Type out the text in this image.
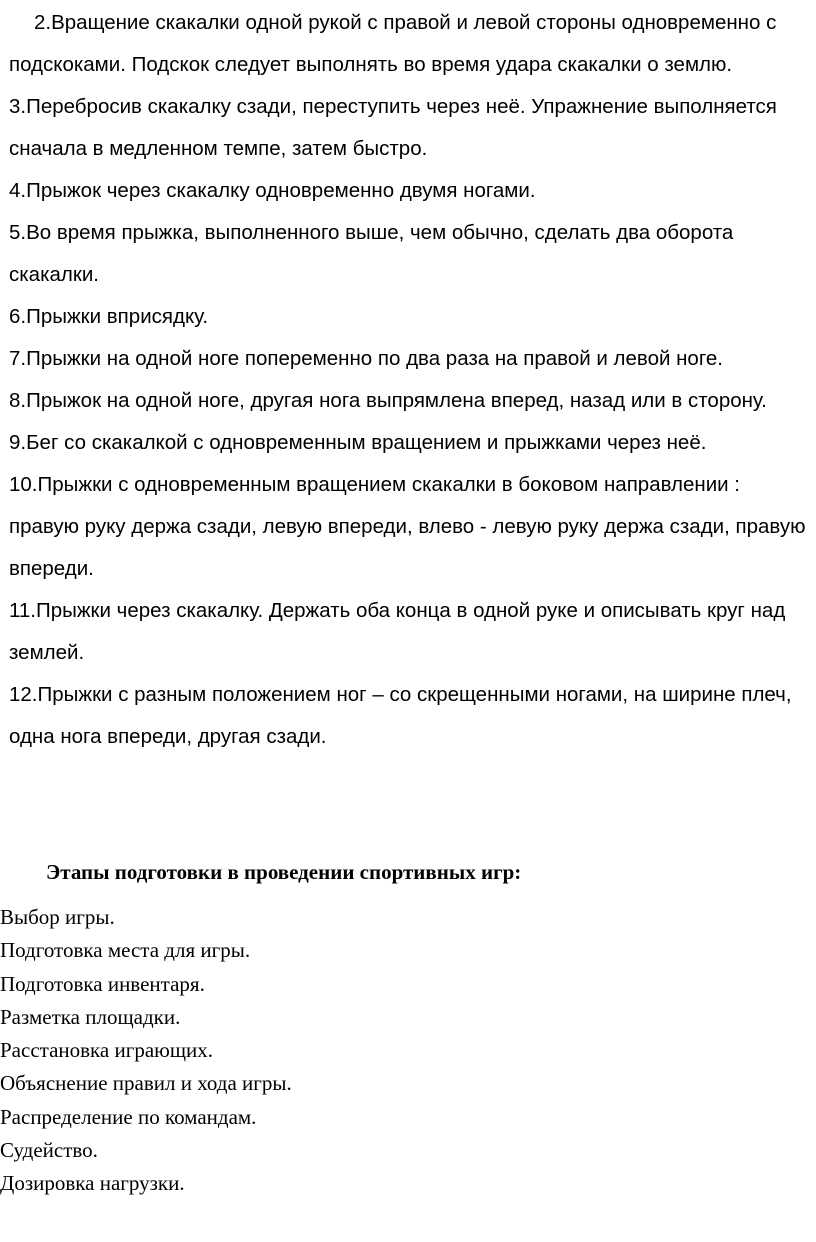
2.Вращение скакалки одной рукой с правой и левой стороны одновременно с подскоками. Подскок следует выполнять во время удара скакалки о землю.

3.Перебросив скакалку сзади, переступить через неё. Упражнение выполняется сначала в медленном темпе, затем быстро.

4.Прыжок через скакалку одновременно двумя ногами.

5.Во время прыжка, выполненного выше, чем обычно, сделать два оборота скакалки.

6.Прыжки вприсядку.

7.Прыжки на одной ноге попеременно по два раза на правой и левой ноге.

8.Прыжок на одной ноге, другая нога выпрямлена вперед, назад или в сторону.

9.Бег со скакалкой с одновременным вращением и прыжками через неё.

10.Прыжки с одновременным вращением скакалки в боковом направлении : правую руку держа сзади, левую впереди, влево - левую руку держа сзади, правую впереди.

11.Прыжки через скакалку. Держать оба конца в одной руке и описывать круг над землей.

12.Прыжки с разным положением ног – со скрещенными ногами, на ширине плеч, одна нога впереди, другая сзади.

Этапы подготовки в проведении спортивных игр:
Выбор игры.
Подготовка места для игры.
Подготовка инвентаря.
Разметка площадки.
Расстановка играющих.
Объяснение правил и хода игры.
Распределение по командам.
Судейство.
Дозировка нагрузки.
